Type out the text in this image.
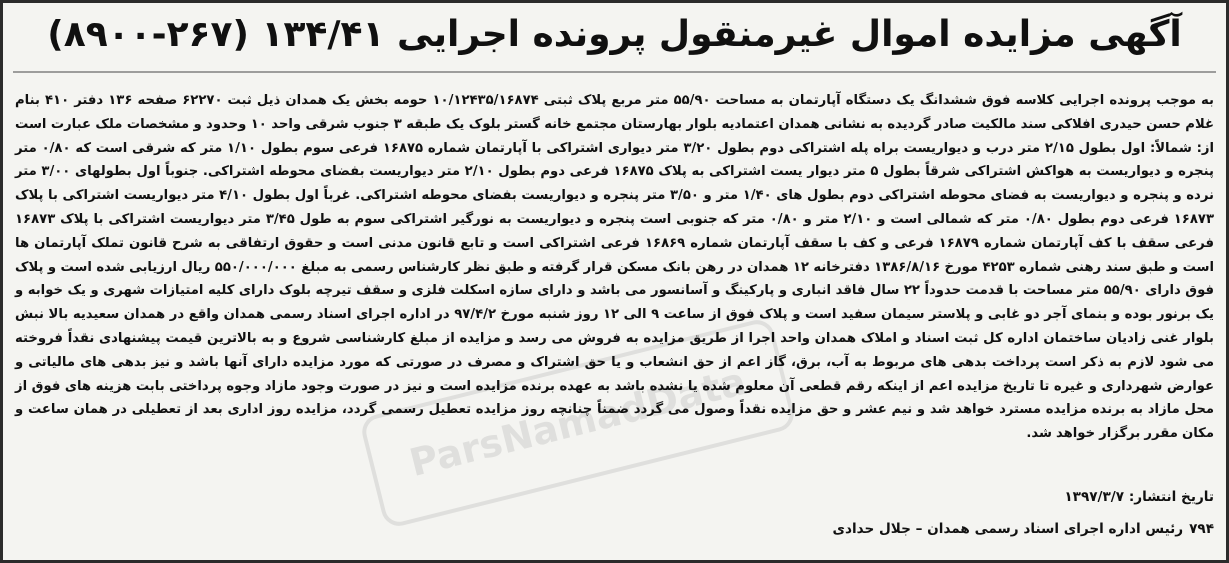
آگهی مزایده اموال غیرمنقول پرونده اجرایی ۱۳۴/۴۱ (۲۶۷-۸۹۰۰)

به موجب پرونده اجرایی کلاسه فوق ششدانگ یک دستگاه آپارتمان به مساحت ۵۵/۹۰ متر مربع پلاک ثبتی ۱۰/۱۲۴۳۵/۱۶۸۷۴ حومه بخش یک همدان ذیل ثبت ۶۲۲۷۰ صفحه ۱۳۶ دفتر ۴۱۰ بنام غلام حسن حیدری افلاکی سند مالکیت صادر گردیده به نشانی همدان اعتمادیه بلوار بهارستان مجتمع خانه گستر بلوک یک طبقه ۳ جنوب شرقی واحد ۱۰ وحدود و مشخصات ملک عبارت است از: شمالاً: اول بطول ۲/۱۵ متر درب و دیواریست براه پله اشتراکی دوم بطول ۳/۲۰ متر دیواری اشتراکی با آپارتمان شماره ۱۶۸۷۵ فرعی سوم بطول ۱/۱۰ متر که شرقی است که ۰/۸۰ متر پنجره و دیواریست به هواکش اشتراکی شرقاً بطول ۵ متر دیوار یست اشتراکی به پلاک ۱۶۸۷۵ فرعی دوم بطول ۲/۱۰ متر دیواریست بفضای محوطه اشتراکی. جنوباً اول بطولهای ۳/۰۰ متر نرده و پنجره و دیواریست به فضای محوطه اشتراکی دوم بطول های ۱/۴۰ متر و ۳/۵۰ متر پنجره و دیواریست بفضای محوطه اشتراکی. غرباً اول بطول ۴/۱۰ متر دیواریست اشتراکی با پلاک ۱۶۸۷۳ فرعی دوم بطول ۰/۸۰ متر که شمالی است و ۲/۱۰ متر و ۰/۸۰ متر که جنوبی است پنجره و دیواریست به نورگیر اشتراکی سوم به طول ۳/۴۵ متر دیواریست اشتراکی با پلاک ۱۶۸۷۳ فرعی سقف با کف آپارتمان شماره ۱۶۸۷۹ فرعی و کف با سقف آپارتمان شماره ۱۶۸۶۹ فرعی اشتراکی است و تابع قانون مدنی است و حقوق ارتفاقی به شرح قانون تملک آپارتمان ها است و طبق سند رهنی شماره ۴۲۵۳ مورخ ۱۳۸۶/۸/۱۶ دفترخانه ۱۲ همدان در رهن بانک مسکن قرار گرفته و طبق نظر کارشناس رسمی به مبلغ ۵۵۰/۰۰۰/۰۰۰ ریال ارزیابی شده است و پلاک فوق دارای ۵۵/۹۰ متر مساحت با قدمت حدوداً ۲۲ سال فاقد انباری و پارکینگ و آسانسور می باشد و دارای سازه اسکلت فلزی و سقف تیرچه بلوک دارای کلیه امتیازات شهری و یک خوابه و یک برنور بوده و بنمای آجر دو غابی و پلاستر سیمان سفید است و پلاک فوق از ساعت ۹ الی ۱۲ روز شنبه مورخ ۹۷/۴/۲ در اداره اجرای اسناد رسمی همدان واقع در همدان سعیدیه بالا نبش بلوار غنی زادیان ساختمان اداره کل ثبت اسناد و املاک همدان واحد اجرا از طریق مزایده به فروش می رسد و مزایده از مبلغ کارشناسی شروع و به بالاترین قیمت پیشنهادی نقداً فروخته می شود لازم به ذکر است پرداخت بدهی های مربوط به آب، برق، گاز اعم از حق انشعاب و یا حق اشتراک و مصرف در صورتی که مورد مزایده دارای آنها باشد و نیز بدهی های مالیاتی و عوارض شهرداری و غیره تا تاریخ مزایده اعم از اینکه رقم قطعی آن معلوم شده یا نشده باشد به عهده برنده مزایده است و نیز در صورت وجود مازاد وجوه پرداختی بابت هزینه های فوق از محل مازاد به برنده مزایده مسترد خواهد شد و نیم عشر و حق مزایده نقداً وصول می گردد ضمناً چنانچه روز مزایده تعطیل رسمی گردد، مزایده روز اداری بعد از تعطیلی در همان ساعت و مکان مقرر برگزار خواهد شد.

تاریخ انتشار: ۱۳۹۷/۳/۷
۷۹۴
رئیس اداره اجرای اسناد رسمی همدان – جلال حدادی
ParsNamadData
